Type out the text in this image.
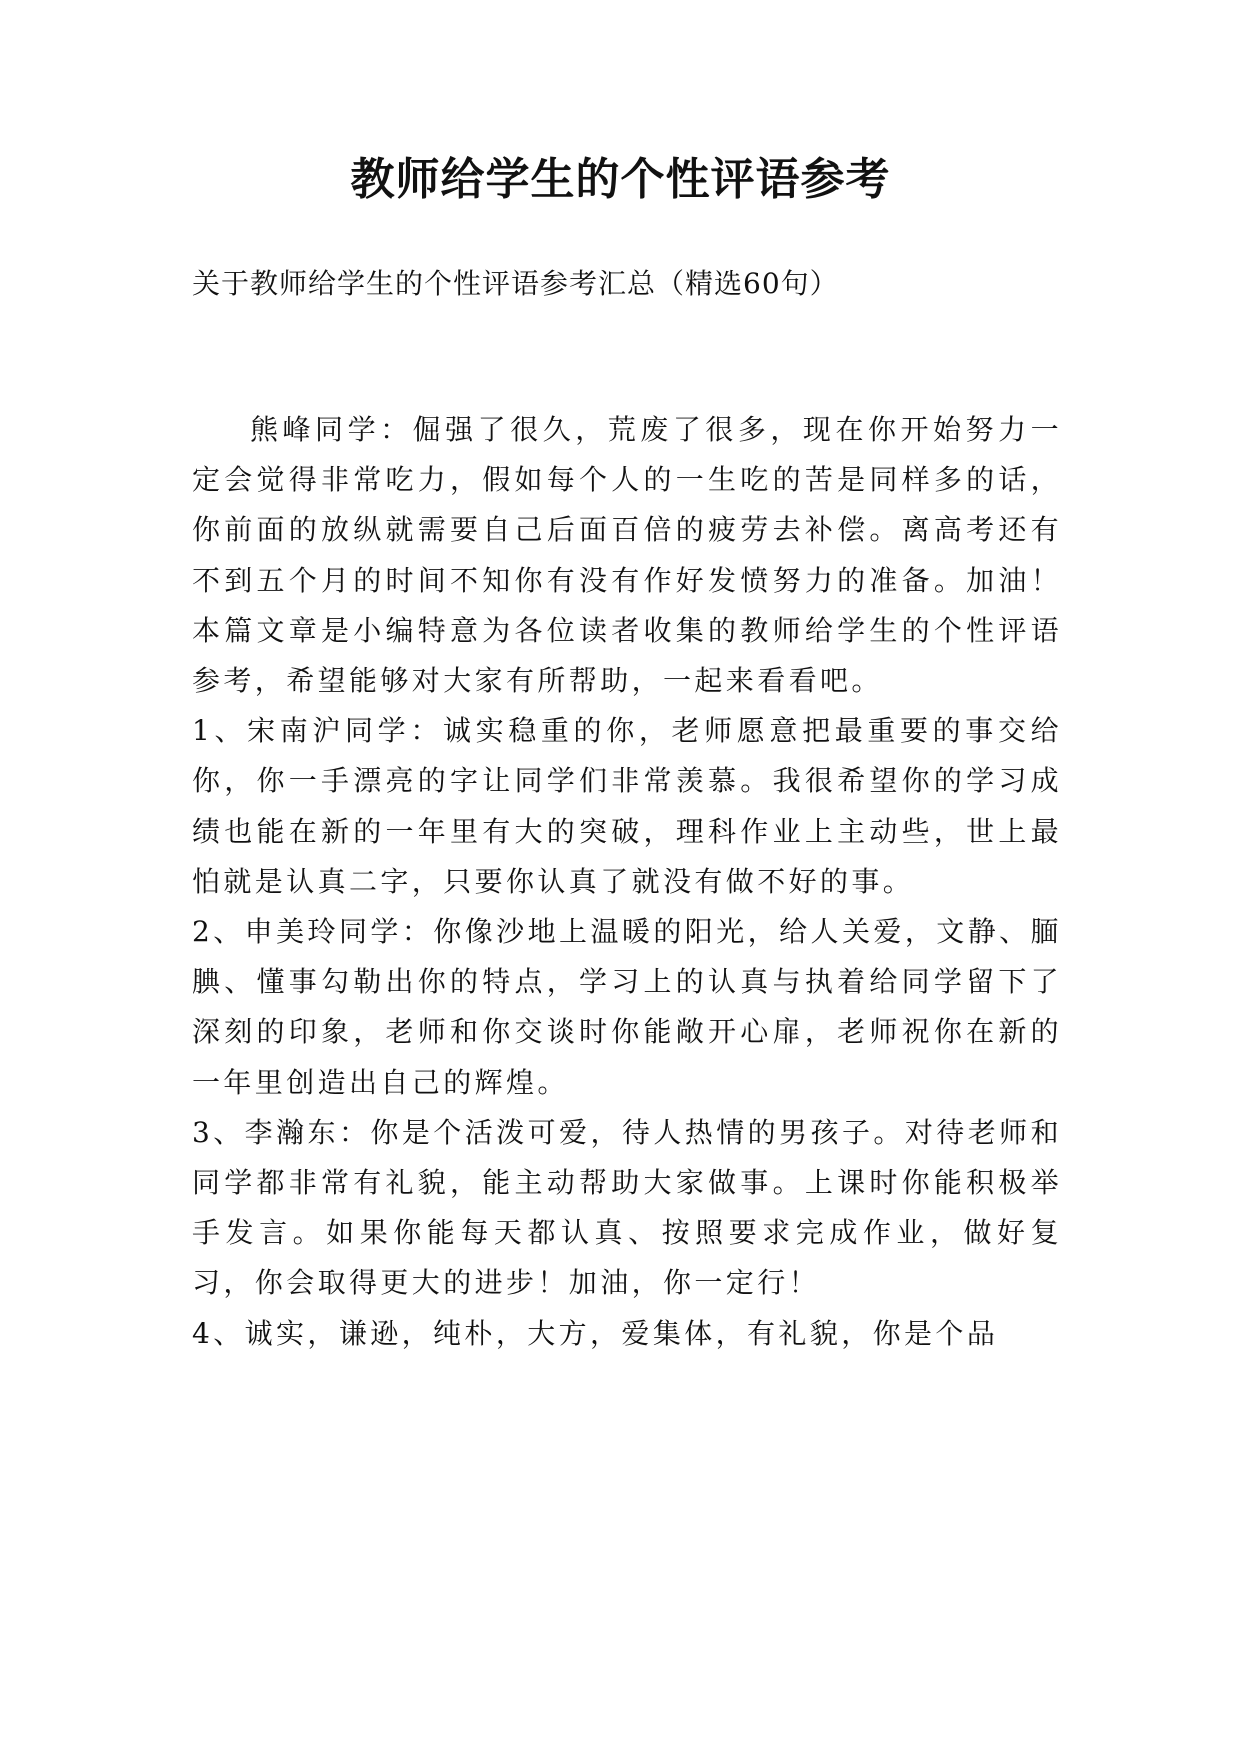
教师给学生的个性评语参考
关于教师给学生的个性评语参考汇总（精选60句）

熊峰同学：倔强了很久，荒废了很多，现在你开始努力一定会觉得非常吃力，假如每个人的一生吃的苦是同样多的话，你前面的放纵就需要自己后面百倍的疲劳去补偿。离高考还有不到五个月的时间不知你有没有作好发愤努力的准备。加油！本篇文章是小编特意为各位读者收集的教师给学生的个性评语参考，希望能够对大家有所帮助，一起来看看吧。

1、宋南沪同学：诚实稳重的你，老师愿意把最重要的事交给你，你一手漂亮的字让同学们非常羡慕。我很希望你的学习成绩也能在新的一年里有大的突破，理科作业上主动些，世上最怕就是认真二字，只要你认真了就没有做不好的事。

2、申美玲同学：你像沙地上温暖的阳光，给人关爱，文静、腼腆、懂事勾勒出你的特点，学习上的认真与执着给同学留下了深刻的印象，老师和你交谈时你能敞开心扉，老师祝你在新的一年里创造出自己的辉煌。

3、李瀚东：你是个活泼可爱，待人热情的男孩子。对待老师和同学都非常有礼貌，能主动帮助大家做事。上课时你能积极举手发言。如果你能每天都认真、按照要求完成作业，做好复习，你会取得更大的进步！加油，你一定行！

4、诚实，谦逊，纯朴，大方，爱集体，有礼貌，你是个品
